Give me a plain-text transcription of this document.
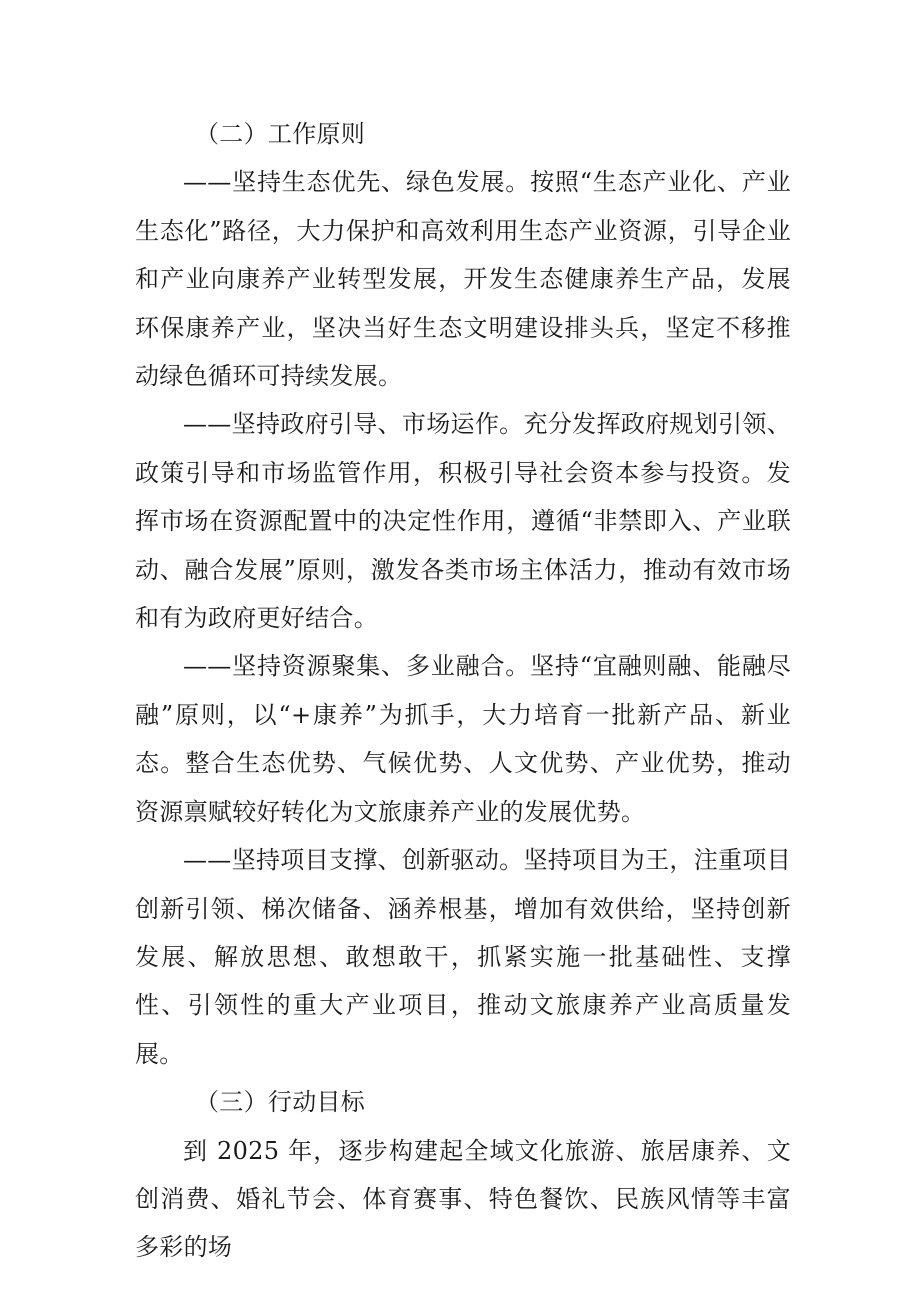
（二）工作原则

——坚持生态优先、绿色发展。按照“生态产业化、产业生态化”路径，大力保护和高效利用生态产业资源，引导企业和产业向康养产业转型发展，开发生态健康养生产品，发展环保康养产业，坚决当好生态文明建设排头兵，坚定不移推动绿色循环可持续发展。

——坚持政府引导、市场运作。充分发挥政府规划引领、政策引导和市场监管作用，积极引导社会资本参与投资。发挥市场在资源配置中的决定性作用，遵循“非禁即入、产业联动、融合发展”原则，激发各类市场主体活力，推动有效市场和有为政府更好结合。

——坚持资源聚集、多业融合。坚持“宜融则融、能融尽融”原则，以“+康养”为抓手，大力培育一批新产品、新业态。整合生态优势、气候优势、人文优势、产业优势，推动资源禀赋较好转化为文旅康养产业的发展优势。

——坚持项目支撑、创新驱动。坚持项目为王，注重项目创新引领、梯次储备、涵养根基，增加有效供给，坚持创新发展、解放思想、敢想敢干，抓紧实施一批基础性、支撑性、引领性的重大产业项目，推动文旅康养产业高质量发展。

（三）行动目标

到 2025 年，逐步构建起全域文化旅游、旅居康养、文创消费、婚礼节会、体育赛事、特色餐饮、民族风情等丰富多彩的场
